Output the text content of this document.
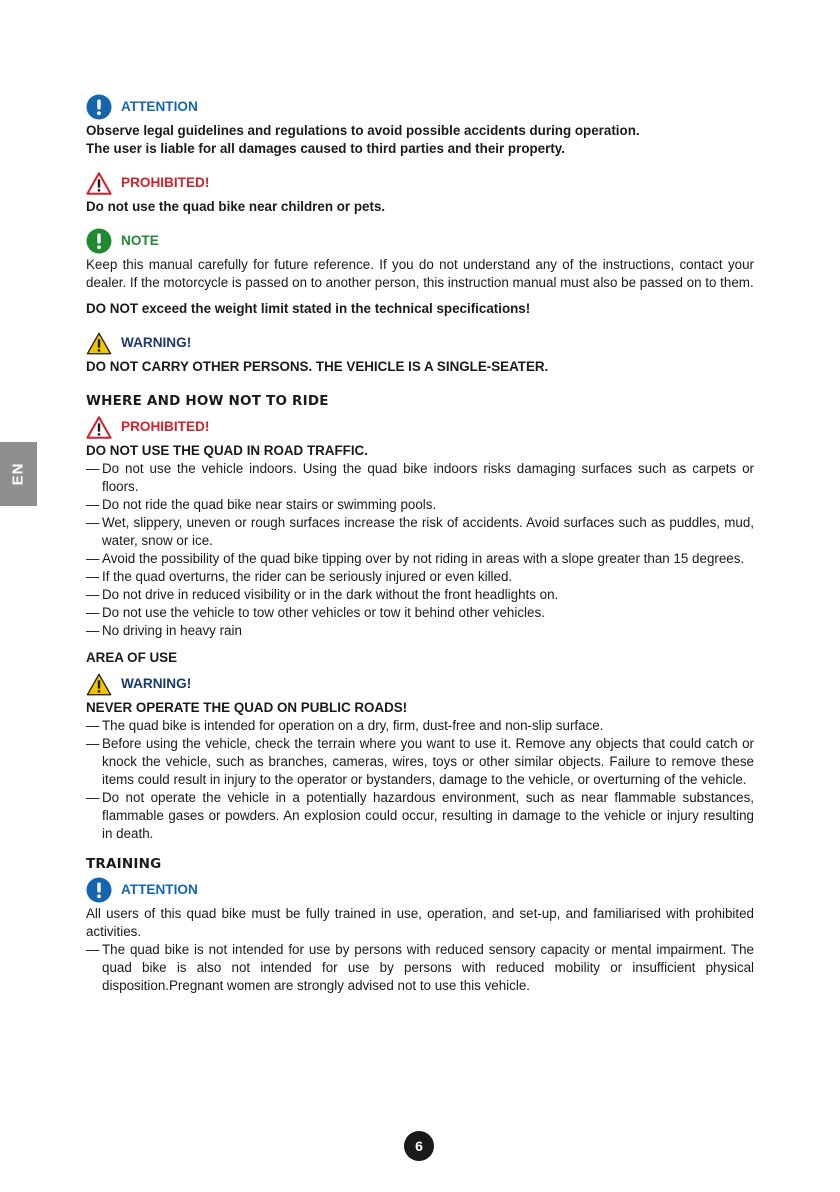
EN
ATTENTION

Observe legal guidelines and regulations to avoid possible accidents during operation.

The user is liable for all damages caused to third parties and their property.

PROHIBITED!

Do not use the quad bike near children or pets.

NOTE

Keep this manual carefully for future reference. If you do not understand any of the instructions, contact your dealer. If the motorcycle is passed on to another person, this instruction manual must also be passed on to them.

DO NOT exceed the weight limit stated in the technical specifications!

WARNING!

DO NOT CARRY OTHER PERSONS. THE VEHICLE IS A SINGLE-SEATER.

WHERE AND HOW NOT TO RIDE
PROHIBITED!

DO NOT USE THE QUAD IN ROAD TRAFFIC.

— Do not use the vehicle indoors. Using the quad bike indoors risks damaging surfaces such as carpets or floors.
— Do not ride the quad bike near stairs or swimming pools.
— Wet, slippery, uneven or rough surfaces increase the risk of accidents. Avoid surfaces such as puddles, mud, water, snow or ice.
— Avoid the possibility of the quad bike tipping over by not riding in areas with a slope greater than 15 degrees.
— If the quad overturns, the rider can be seriously injured or even killed.
— Do not drive in reduced visibility or in the dark without the front headlights on.
— Do not use the vehicle to tow other vehicles or tow it behind other vehicles.
— No driving in heavy rain

AREA OF USE

WARNING!

NEVER OPERATE THE QUAD ON PUBLIC ROADS!

— The quad bike is intended for operation on a dry, firm, dust-free and non-slip surface.
— Before using the vehicle, check the terrain where you want to use it. Remove any objects that could catch or knock the vehicle, such as branches, cameras, wires, toys or other similar objects. Failure to remove these items could result in injury to the operator or bystanders, damage to the vehicle, or overturning of the vehicle.
— Do not operate the vehicle in a potentially hazardous environment, such as near flammable substances, flammable gases or powders. An explosion could occur, resulting in damage to the vehicle or injury resulting in death.
TRAINING
ATTENTION

All users of this quad bike must be fully trained in use, operation, and set-up, and familiarised with prohibited activities.

— The quad bike is not intended for use by persons with reduced sensory capacity or mental impairment. The quad bike is also not intended for use by persons with reduced mobility or insufficient physical disposition.Pregnant women are strongly advised not to use this vehicle.
6
